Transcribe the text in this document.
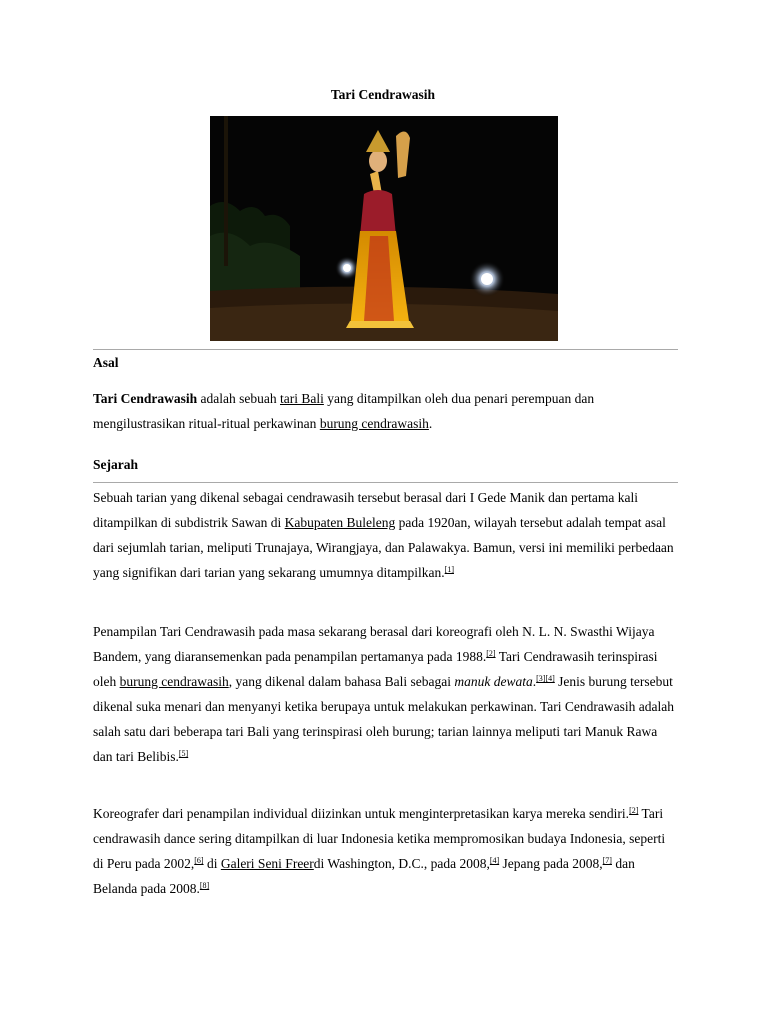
Tari Cendrawasih
Asal

Tari Cendrawasih adalah sebuah tari Bali yang ditampilkan oleh dua penari perempuan dan mengilustrasikan ritual-ritual perkawinan burung cendrawasih.

Sejarah

Sebuah tarian yang dikenal sebagai cendrawasih tersebut berasal dari I Gede Manik dan pertama kali ditampilkan di subdistrik Sawan di Kabupaten Buleleng pada 1920an, wilayah tersebut adalah tempat asal dari sejumlah tarian, meliputi Trunajaya, Wirangjaya, dan Palawakya. Bamun, versi ini memiliki perbedaan yang signifikan dari tarian yang sekarang umumnya ditampilkan.[1]

Penampilan Tari Cendrawasih pada masa sekarang berasal dari koreografi oleh N. L. N. Swasthi Wijaya Bandem, yang diaransemenkan pada penampilan pertamanya pada 1988.[2] Tari Cendrawasih terinspirasi oleh burung cendrawasih, yang dikenal dalam bahasa Bali sebagai manuk dewata.[3][4] Jenis burung tersebut dikenal suka menari dan menyanyi ketika berupaya untuk melakukan perkawinan. Tari Cendrawasih adalah salah satu dari beberapa tari Bali yang terinspirasi oleh burung; tarian lainnya meliputi tari Manuk Rawa dan tari Belibis.[5]

Koreografer dari penampilan individual diizinkan untuk menginterpretasikan karya mereka sendiri.[2] Tari cendrawasih dance sering ditampilkan di luar Indonesia ketika mempromosikan budaya Indonesia, seperti di Peru pada 2002,[6] di Galeri Seni Freerdi Washington, D.C., pada 2008,[4] Jepang pada 2008,[7] dan Belanda pada 2008.[8]
